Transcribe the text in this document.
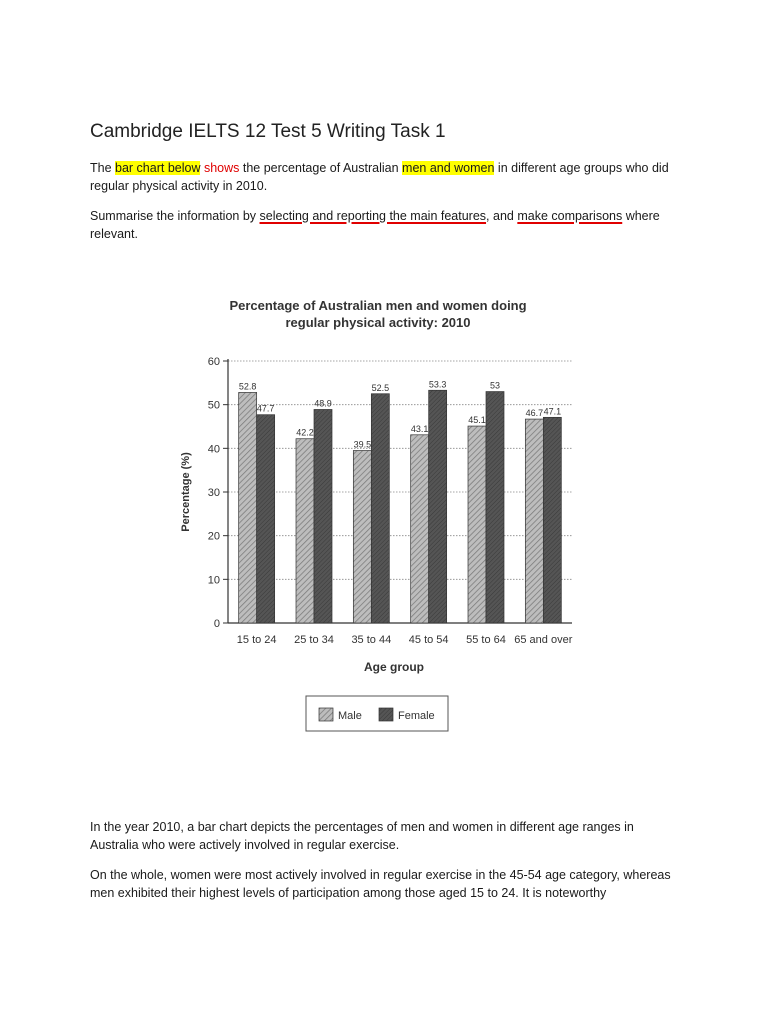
Cambridge IELTS 12 Test 5 Writing Task 1

The bar chart below shows the percentage of Australian men and women in different age groups who did regular physical activity in 2010.

Summarise the information by selecting and reporting the main features, and make comparisons where relevant.

Percentage of Australian men and women doing
regular physical activity: 2010
Percentage (%)
Age group
52.8
47.7
42.2
48.9
39.5
52.5
43.1
53.3
45.1
53
46.7 47.1
15 to 24 25 to 34 35 to 44 45 to 54 55 to 64 65 and over
0
10
20
30
40
50
60
Male	Female

In the year 2010, a bar chart depicts the percentages of men and women in different age ranges in Australia who were actively involved in regular exercise.

On the whole, women were most actively involved in regular exercise in the 45-54 age category, whereas men exhibited their highest levels of participation among those aged 15 to 24. It is noteworthy
